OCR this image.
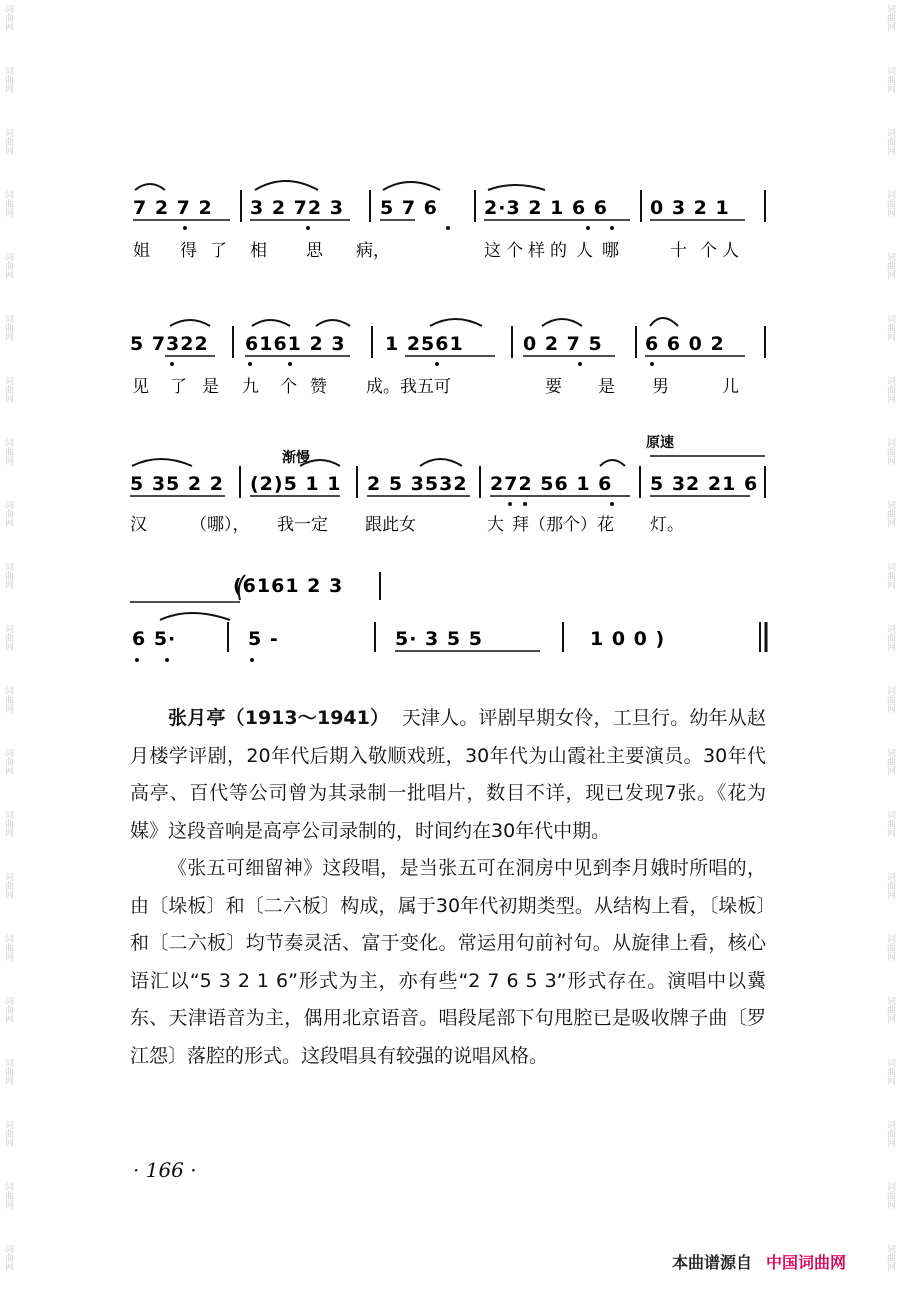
词曲网
词曲网
词曲网
词曲网
词曲网
词曲网
词曲网
词曲网
词曲网
词曲网
词曲网
词曲网
词曲网
词曲网
词曲网
词曲网
词曲网
词曲网
词曲网
词曲网
词曲网
词曲网
词曲网
词曲网
词曲网
词曲网
词曲网
词曲网
词曲网
词曲网
词曲网
词曲网
词曲网
词曲网
词曲网
词曲网
词曲网
词曲网
词曲网
词曲网
词曲网
词曲网
7 2 7 2 3 2 72 3 5 7 6 2·3 2 1 6 6 0 3 2 1
姐 得 了 相 思 病，	这 个 样 的 人 哪	十 个 人
5 7322 6161 2 3 1 2561	0 2 7 5 6 6 0 2
见 了 是 九 个 赞 成。我五可	要 是 男	儿
渐慢
原速
5 35 2 2 (2)5 1 1 2 5 3532 272 56 1 6 5 32 21 6
汉	（哪）， 我一定 跟此女	大 拜（那个）花 灯。
(6161 2 3
6 5·	5 -	5· 3 5 5	1 0 0 )

张月亭（1913～1941） 天津人。评剧早期女伶，工旦行。幼年从赵月楼学评剧，20年代后期入敬顺戏班，30年代为山霞社主要演员。30年代高亭、百代等公司曾为其录制一批唱片，数目不详，现已发现7张。《花为媒》这段音响是高亭公司录制的，时间约在30年代中期。

《张五可细留神》这段唱，是当张五可在洞房中见到李月娥时所唱的，由〔垛板〕和〔二六板〕构成，属于30年代初期类型。从结构上看，〔垛板〕和〔二六板〕均节奏灵活、富于变化。常运用句前衬句。从旋律上看，核心语汇以“5 3 2 1 6”形式为主，亦有些“2 7 6 5 3”形式存在。演唱中以冀东、天津语音为主，偶用北京语音。唱段尾部下句甩腔已是吸收牌子曲〔罗江怨〕落腔的形式。这段唱具有较强的说唱风格。

· 166 ·
本曲谱源自 中国词曲网
